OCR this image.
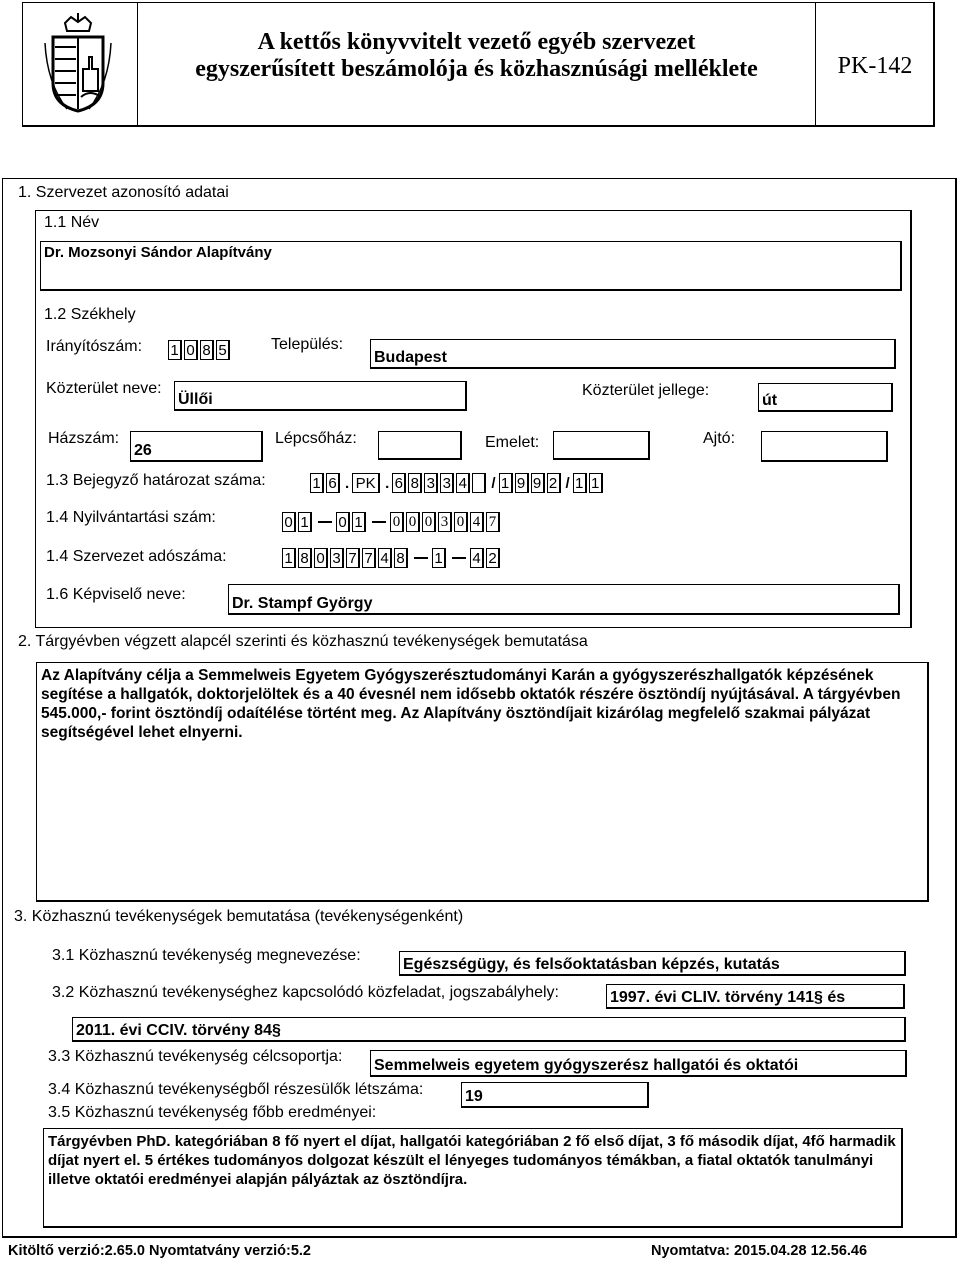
A kettős könyvvitelt vezető egyéb szervezet
egyszerűsített beszámolója és közhasznúsági melléklete	PK-142
1. Szervezet azonosító adatai
1.1 Név
Dr. Mozsonyi Sándor Alapítvány
1.2 Székhely
Irányítószám: 1 0 8 5	Település:
Budapest
Közterület neve:
Üllői
Közterület jellege:
út
Házszám:
26
Lépcsőház:	Emelet:	Ajtó:
1.3 Bejegyző határozat száma:	1 6 . PK . 6 8 3 3 4 / 1 9 9 2 / 1 1
1.4 Nyilvántartási szám:	0 1 0 1 0 0 0 3 0 4 7
1.4 Szervezet adószáma:	1 8 0 3 7 7 4 8 1 4 2
1.6 Képviselő neve:
Dr. Stampf György
2. Tárgyévben végzett alapcél szerinti és közhasznú tevékenységek bemutatása
Az Alapítvány célja a Semmelweis Egyetem Gyógyszerésztudományi Karán a gyógyszerészhallgatók képzésének segítése a hallgatók, doktorjelöltek és a 40 évesnél nem idősebb oktatók részére ösztöndíj nyújtásával. A tárgyévben 545.000,- forint ösztöndíj odaítélése történt meg. Az Alapítvány ösztöndíjait kizárólag megfelelő szakmai pályázat segítségével lehet elnyerni.
3. Közhasznú tevékenységek bemutatása (tevékenységenként)
3.1 Közhasznú tevékenység megnevezése:
Egészségügy, és felsőoktatásban képzés, kutatás
3.2 Közhasznú tevékenységhez kapcsolódó közfeladat, jogszabályhely:	1997. évi CLIV. törvény 141§ és
2011. évi CCIV. törvény 84§
3.3 Közhasznú tevékenység célcsoportja:
Semmelweis egyetem gyógyszerész hallgatói és oktatói
3.4 Közhasznú tevékenységből részesülők létszáma:	19
3.5 Közhasznú tevékenység főbb eredményei:
Tárgyévben PhD. kategóriában 8 fő nyert el díjat, hallgatói kategóriában 2 fő első díjat, 3 fő második díjat, 4fő harmadik díjat nyert el. 5 értékes tudományos dolgozat készült el lényeges tudományos témákban, a fiatal oktatók tanulmányi illetve oktatói eredményei alapján pályáztak az ösztöndíjra.
Kitöltő verzió:2.65.0 Nyomtatvány verzió:5.2	Nyomtatva: 2015.04.28 12.56.46
